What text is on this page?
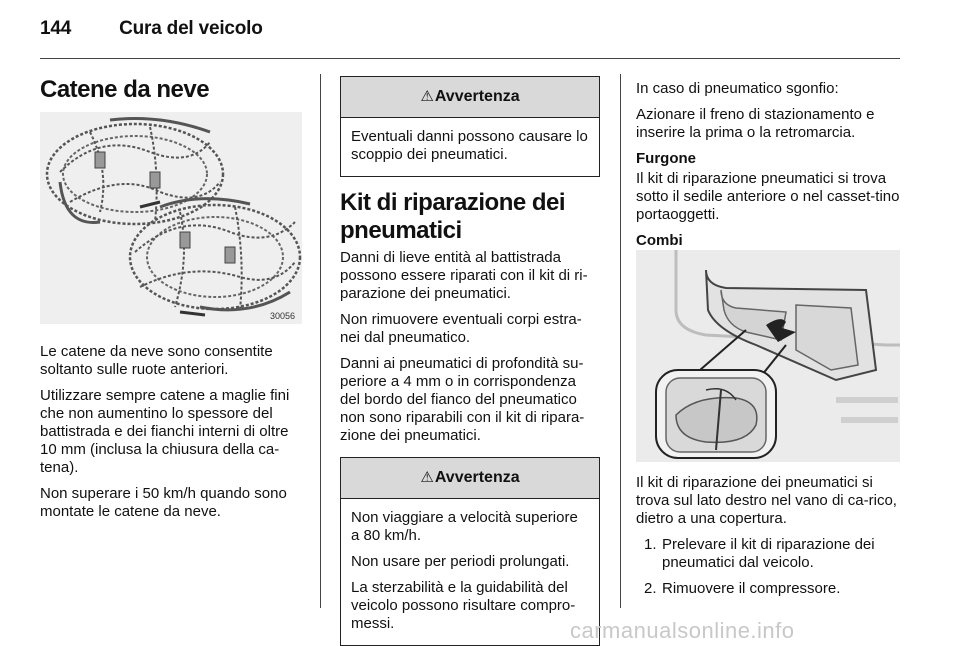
144	Cura del veicolo
Catene da neve
30056

Le catene da neve sono consentite soltanto sulle ruote anteriori.

Utilizzare sempre catene a maglie fini che non aumentino lo spessore del battistrada e dei fianchi interni di oltre 10 mm (inclusa la chiusura della ca-tena).

Non superare i 50 km/h quando sono montate le catene da neve.

⚠ Avvertenza

Eventuali danni possono causare lo scoppio dei pneumatici.

Kit di riparazione dei pneumatici

Danni di lieve entità al battistrada possono essere riparati con il kit di ri-parazione dei pneumatici.

Non rimuovere eventuali corpi estra-nei dal pneumatico.

Danni ai pneumatici di profondità su-periore a 4 mm o in corrispondenza del bordo del fianco del pneumatico non sono riparabili con il kit di ripara-zione dei pneumatici.

⚠ Avvertenza

Non viaggiare a velocità superiore a 80 km/h.

Non usare per periodi prolungati.

La sterzabilità e la guidabilità del veicolo possono risultare compro-messi.

In caso di pneumatico sgonfio:

Azionare il freno di stazionamento e inserire la prima o la retromarcia.

Furgone

Il kit di riparazione pneumatici si trova sotto il sedile anteriore o nel casset-tino portaoggetti.

Combi

Il kit di riparazione dei pneumatici si trova sul lato destro nel vano di ca-rico, dietro a una copertura.

1. Prelevare il kit di riparazione dei pneumatici dal veicolo.
2. Rimuovere il compressore.
carmanualsonline.info
